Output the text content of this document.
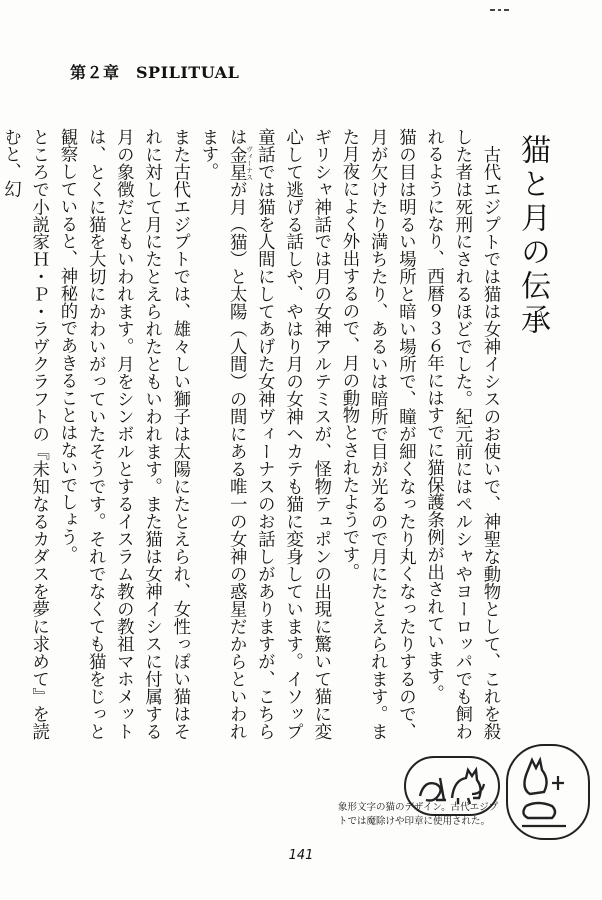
第２章　SPILITUAL
猫と月の伝承

　古代エジプトでは猫は女神イシスのお使いで、神聖な動物として、これを殺した者は死刑にされるほどでした。紀元前にはペルシャやヨーロッパでも飼われるようになり、西暦９３６年にはすでに猫保護条例が出されています。

猫の目は明るい場所と暗い場所で、瞳が細くなったり丸くなったりするので、月が欠けたり満ちたり、あるいは暗所で目が光るので月にたとえられます。また月夜によく外出するので、月の動物とされたようです。

ギリシャ神話では月の女神アルテミスが、怪物テュポンの出現に驚いて猫に変心して逃げる話しや、やはり月の女神ヘカテも猫に変身しています。イソップ童話では猫を人間にしてあげた女神ヴィーナスのお話しがありますが、こちらは金星 ヴィーナスが月（猫）と太陽（人間）の間にある唯一の女神の惑星だからといわれます。

また古代エジプトでは、雄々しい獅子は太陽にたとえられ、女性っぽい猫はそれに対して月にたとえられたともいわれます。また猫は女神イシスに付属する月の象徴だともいわれます。月をシンボルとするイスラム教の教祖マホメットは、とくに猫を大切にかわいがっていたそうです。それでなくても猫をじっと観察していると、神秘的であきることはないでしょう。

ところで小説家Ｈ・Ｐ・ラヴクラフトの『未知なるカダスを夢に求めて』を読むと、幻

象形文字の猫のデザイン。古代エジプ
トでは魔除けや印章に使用された。
141
